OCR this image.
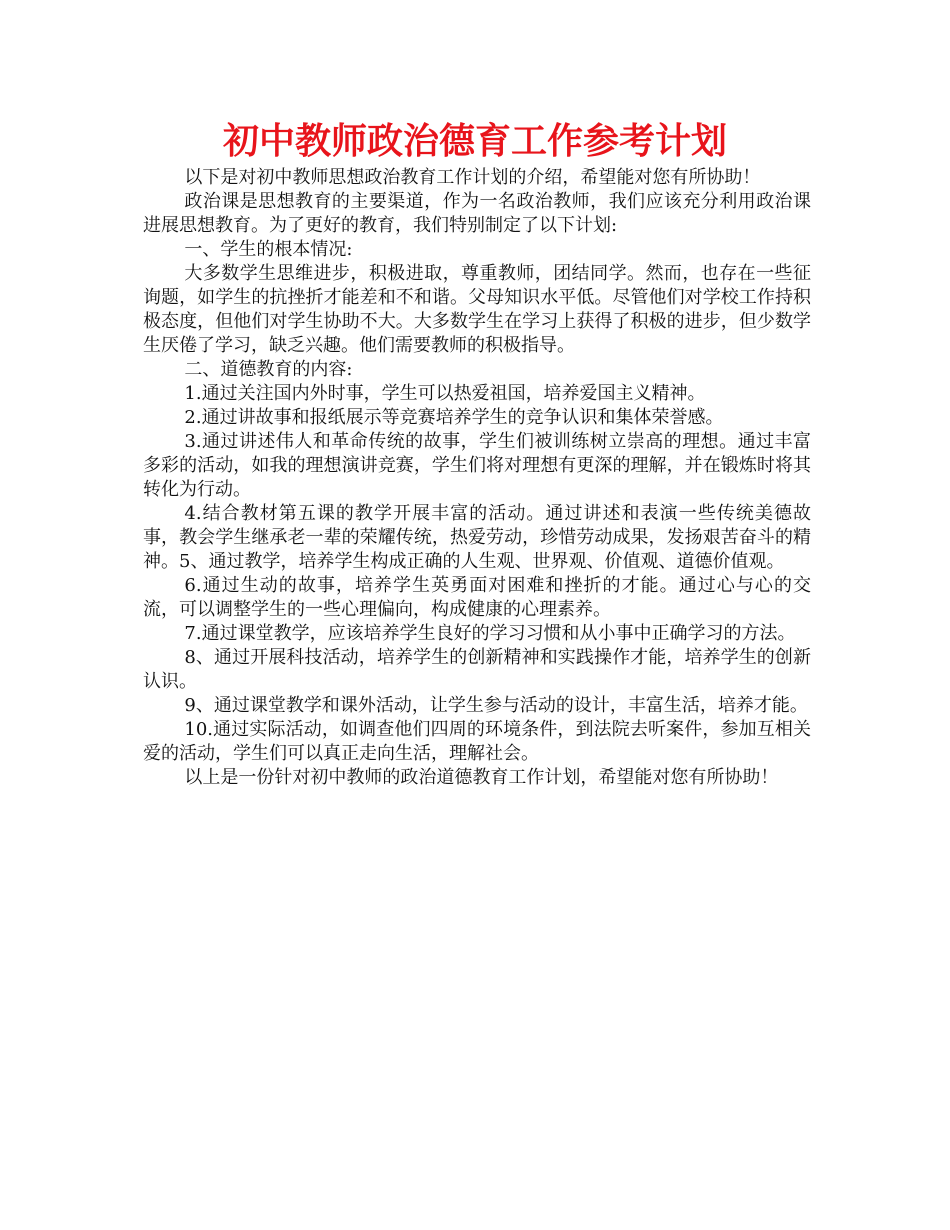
初中教师政治德育工作参考计划

以下是对初中教师思想政治教育工作计划的介绍，希望能对您有所协助！

政治课是思想教育的主要渠道，作为一名政治教师，我们应该充分利用政治课进展思想教育。为了更好的教育，我们特别制定了以下计划:

一、学生的根本情况:

大多数学生思维进步，积极进取，尊重教师，团结同学。然而，也存在一些征询题，如学生的抗挫折才能差和不和谐。父母知识水平低。尽管他们对学校工作持积极态度，但他们对学生协助不大。大多数学生在学习上获得了积极的进步，但少数学生厌倦了学习，缺乏兴趣。他们需要教师的积极指导。

二、道德教育的内容:

1.通过关注国内外时事，学生可以热爱祖国，培养爱国主义精神。

2.通过讲故事和报纸展示等竞赛培养学生的竞争认识和集体荣誉感。

3.通过讲述伟人和革命传统的故事，学生们被训练树立崇高的理想。通过丰富多彩的活动，如我的理想演讲竞赛，学生们将对理想有更深的理解，并在锻炼时将其转化为行动。

4.结合教材第五课的教学开展丰富的活动。通过讲述和表演一些传统美德故事，教会学生继承老一辈的荣耀传统，热爱劳动，珍惜劳动成果，发扬艰苦奋斗的精神。5、通过教学，培养学生构成正确的人生观、世界观、价值观、道德价值观。

6.通过生动的故事，培养学生英勇面对困难和挫折的才能。通过心与心的交流，可以调整学生的一些心理偏向，构成健康的心理素养。

7.通过课堂教学，应该培养学生良好的学习习惯和从小事中正确学习的方法。

8、通过开展科技活动，培养学生的创新精神和实践操作才能，培养学生的创新认识。

9、通过课堂教学和课外活动，让学生参与活动的设计，丰富生活，培养才能。

10.通过实际活动，如调查他们四周的环境条件，到法院去听案件，参加互相关爱的活动，学生们可以真正走向生活，理解社会。

以上是一份针对初中教师的政治道德教育工作计划，希望能对您有所协助！
